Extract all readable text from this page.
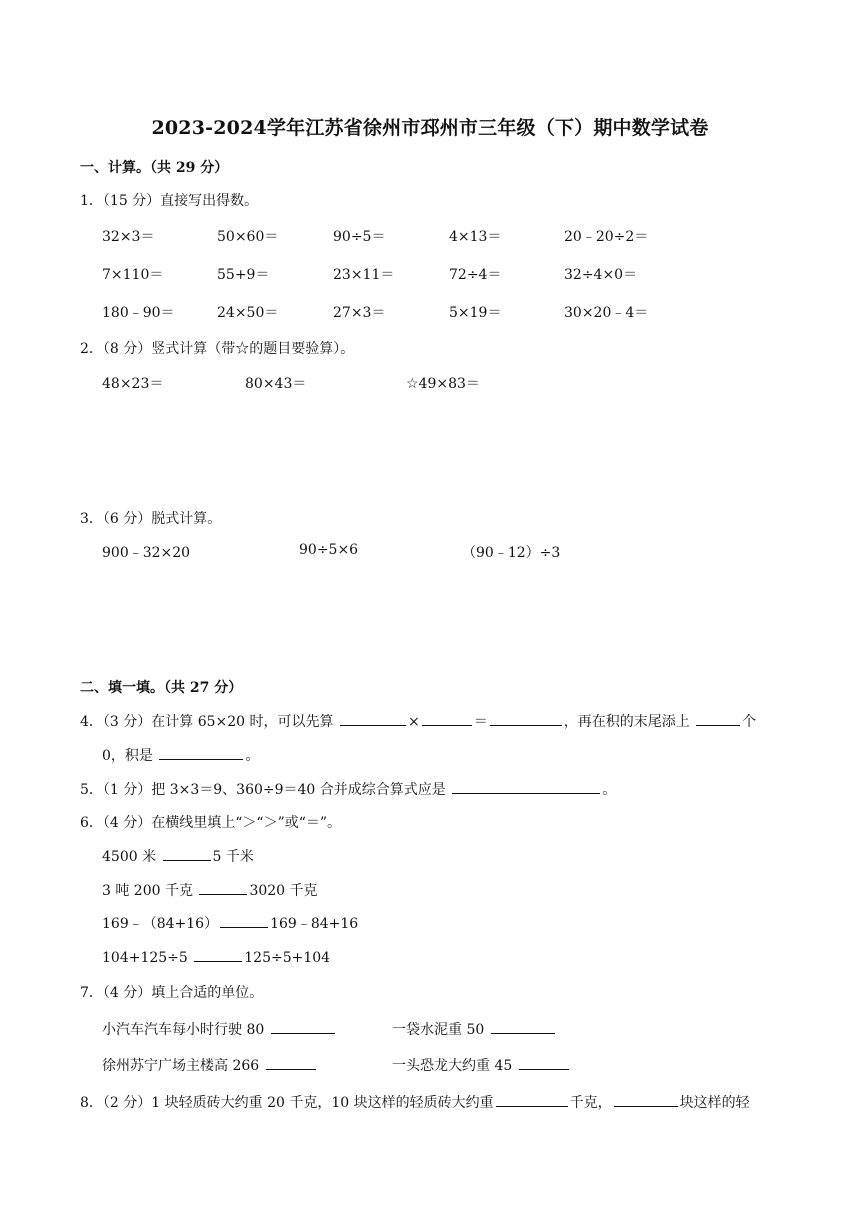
2023-2024学年江苏省徐州市邳州市三年级（下）期中数学试卷
一、计算。（共 29 分）
1．（15 分）直接写出得数。
32×3＝	50×60＝	90÷5＝	4×13＝	20﹣20÷2＝
7×110＝	55+9＝	23×11＝	72÷4＝	32÷4×0＝
180﹣90＝	24×50＝	27×3＝	5×19＝	30×20﹣4＝
2．（8 分）竖式计算（带☆的题目要验算）。
48×23＝	80×43＝	☆49×83＝
3．（6 分）脱式计算。
900﹣32×20	90÷5×6	（90﹣12）÷3
二、填一填。（共 27 分）
4．（3 分）在计算 65×20 时，可以先算	×	＝	，再在积的末尾添上	个
0，积是	。
5．（1 分）把 3×3＝9、360÷9＝40 合并成综合算式应是	。
6．（4 分）在横线里填上“＞“＞”或“＝”。
4500 米	5 千米
3 吨 200 千克	3020 千克
169﹣（84+16）	169﹣84+16
104+125÷5	125÷5+104
7．（4 分）填上合适的单位。
小汽车汽车每小时行驶 80	一袋水泥重 50
徐州苏宁广场主楼高 266	一头恐龙大约重 45
8．（2 分）1 块轻质砖大约重 20 千克，10 块这样的轻质砖大约重	千克，	块这样的轻
